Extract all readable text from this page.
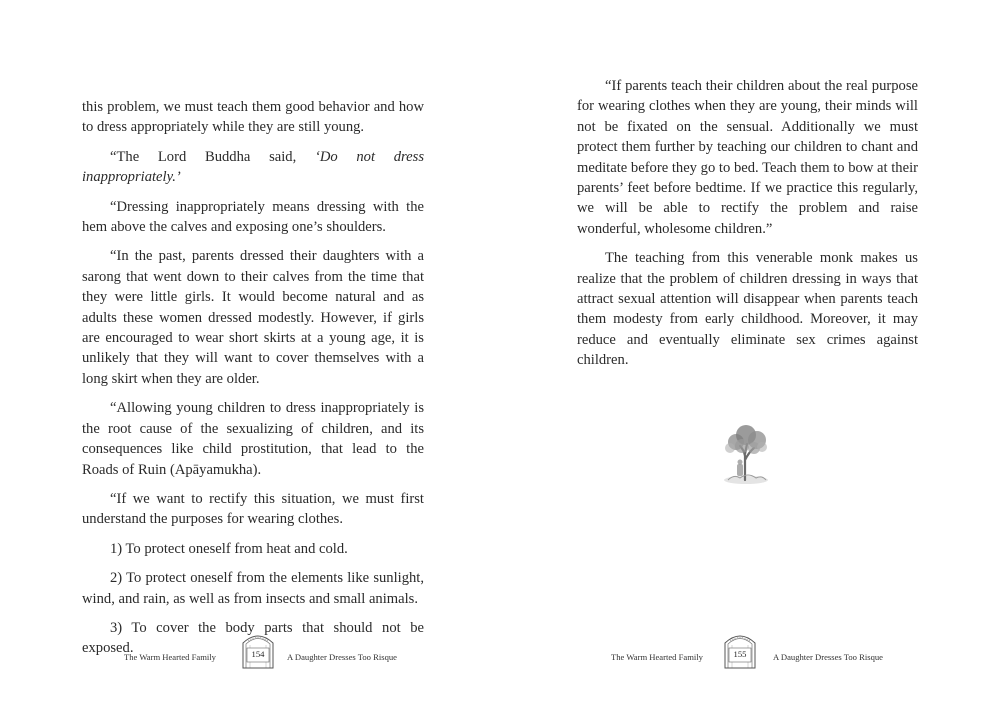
this problem, we must teach them good behavior and how to dress appropriately while they are still young.

“The Lord Buddha said, ‘Do not dress inappropriately.’

“Dressing inappropriately means dressing with the hem above the calves and exposing one’s shoulders.

“In the past, parents dressed their daughters with a sarong that went down to their calves from the time that they were little girls. It would become natural and as adults these women dressed modestly. However, if girls are encouraged to wear short skirts at a young age, it is unlikely that they will want to cover themselves with a long skirt when they are older.

“Allowing young children to dress inappropriately is the root cause of the sexualizing of children, and its consequences like child prostitution, that lead to the Roads of Ruin (Apāyamukha).

“If we want to rectify this situation, we must first understand the purposes for wearing clothes.

1) To protect oneself from heat and cold.

2) To protect oneself from the elements like sunlight, wind, and rain, as well as from insects and small animals.

3) To cover the body parts that should not be exposed.

The Warm Hearted Family	154	A Daughter Dresses Too Risque

“If parents teach their children about the real purpose for wearing clothes when they are young, their minds will not be fixated on the sensual. Additionally we must protect them further by teaching our children to chant and meditate before they go to bed. Teach them to bow at their parents’ feet before bedtime. If we practice this regularly, we will be able to rectify the problem and raise wonderful, wholesome children.”

The teaching from this venerable monk makes us realize that the problem of children dressing in ways that attract sexual attention will disappear when parents teach them modesty from early childhood. Moreover, it may reduce and eventually eliminate sex crimes against children.

The Warm Hearted Family	155	A Daughter Dresses Too Risque
